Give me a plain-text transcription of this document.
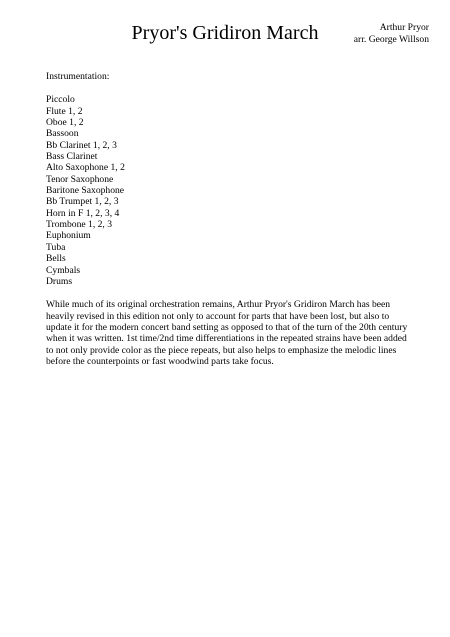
Pryor's Gridiron March	Arthur Pryor
arr. George Willson
Instrumentation:
Piccolo
Flute 1, 2
Oboe 1, 2
Bassoon
Bb Clarinet 1, 2, 3
Bass Clarinet
Alto Saxophone 1, 2
Tenor Saxophone
Baritone Saxophone
Bb Trumpet 1, 2, 3
Horn in F 1, 2, 3, 4
Trombone 1, 2, 3
Euphonium
Tuba
Bells
Cymbals
Drums

While much of its original orchestration remains, Arthur Pryor's Gridiron March has been heavily revised in this edition not only to account for parts that have been lost, but also to update it for the modern concert band setting as opposed to that of the turn of the 20th century when it was written. 1st time/2nd time differentiations in the repeated strains have been added to not only provide color as the piece repeats, but also helps to emphasize the melodic lines before the counterpoints or fast woodwind parts take focus.
